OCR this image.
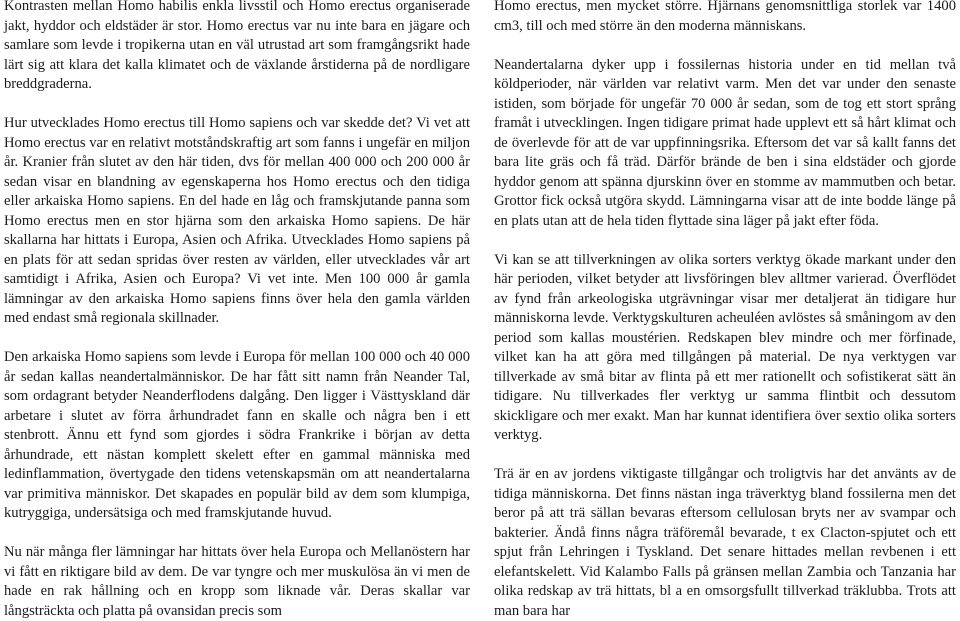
Kontrasten mellan Homo habilis enkla livsstil och Homo erectus organiserade jakt, hyddor och eldstäder är stor. Homo erectus var nu inte bara en jägare och samlare som levde i tropikerna utan en väl utrustad art som framgångsrikt hade lärt sig att klara det kalla klimatet och de växlande årstiderna på de nordligare breddgraderna.

Hur utvecklades Homo erectus till Homo sapiens och var skedde det? Vi vet att Homo erectus var en relativt motståndskraftig art som fanns i ungefär en miljon år. Kranier från slutet av den här tiden, dvs för mellan 400 000 och 200 000 år sedan visar en blandning av egenskaperna hos Homo erectus och den tidiga eller arkaiska Homo sapiens. En del hade en låg och framskjutande panna som Homo erectus men en stor hjärna som den arkaiska Homo sapiens. De här skallarna har hittats i Europa, Asien och Afrika. Utvecklades Homo sapiens på en plats för att sedan spridas över resten av världen, eller utvecklades vår art samtidigt i Afrika, Asien och Europa? Vi vet inte. Men 100 000 år gamla lämningar av den arkaiska Homo sapiens finns över hela den gamla världen med endast små regionala skillnader.

Den arkaiska Homo sapiens som levde i Europa för mellan 100 000 och 40 000 år sedan kallas neandertalmänniskor. De har fått sitt namn från Neander Tal, som ordagrant betyder Neanderflodens dalgång. Den ligger i Västtyskland där arbetare i slutet av förra århundradet fann en skalle och några ben i ett stenbrott. Ännu ett fynd som gjordes i södra Frankrike i början av detta århundrade, ett nästan komplett skelett efter en gammal människa med ledinflammation, övertygade den tidens vetenskapsmän om att neandertalarna var primitiva människor. Det skapades en populär bild av dem som klumpiga, kutryggiga, undersätsiga och med framskjutande huvud.

Nu när många fler lämningar har hittats över hela Europa och Mellanöstern har vi fått en riktigare bild av dem. De var tyngre och mer muskulösa än vi men de hade en rak hållning och en kropp som liknade vår. Deras skallar var långsträckta och platta på ovansidan precis som

Homo erectus, men mycket större. Hjärnans genomsnittliga storlek var 1400 cm3, till och med större än den moderna människans.

Neandertalarna dyker upp i fossilernas historia under en tid mellan två köldperioder, när världen var relativt varm. Men det var under den senaste istiden, som började för ungefär 70 000 år sedan, som de tog ett stort språng framåt i utvecklingen. Ingen tidigare primat hade upplevt ett så hårt klimat och de överlevde för att de var uppfinningsrika. Eftersom det var så kallt fanns det bara lite gräs och få träd. Därför brände de ben i sina eldstäder och gjorde hyddor genom att spänna djurskinn över en stomme av mammutben och betar. Grottor fick också utgöra skydd. Lämningarna visar att de inte bodde länge på en plats utan att de hela tiden flyttade sina läger på jakt efter föda.

Vi kan se att tillverkningen av olika sorters verktyg ökade markant under den här perioden, vilket betyder att livsföringen blev alltmer varierad. Överflödet av fynd från arkeologiska utgrävningar visar mer detaljerat än tidigare hur människorna levde. Verktygskulturen acheuléen avlöstes så småningom av den period som kallas moustérien. Redskapen blev mindre och mer förfinade, vilket kan ha att göra med tillgången på material. De nya verktygen var tillverkade av små bitar av flinta på ett mer rationellt och sofistikerat sätt än tidigare. Nu tillverkades fler verktyg ur samma flintbit och dessutom skickligare och mer exakt. Man har kunnat identifiera över sextio olika sorters verktyg.

Trä är en av jordens viktigaste tillgångar och troligtvis har det använts av de tidiga människorna. Det finns nästan inga träverktyg bland fossilerna men det beror på att trä sällan bevaras eftersom cellulosan bryts ner av svampar och bakterier. Ändå finns några träföremål bevarade, t ex Clacton-spjutet och ett spjut från Lehringen i Tyskland. Det senare hittades mellan revbenen i ett elefantskelett. Vid Kalambo Falls på gränsen mellan Zambia och Tanzania har olika redskap av trä hittats, bl a en omsorgsfullt tillverkad träklubba. Trots att man bara har
